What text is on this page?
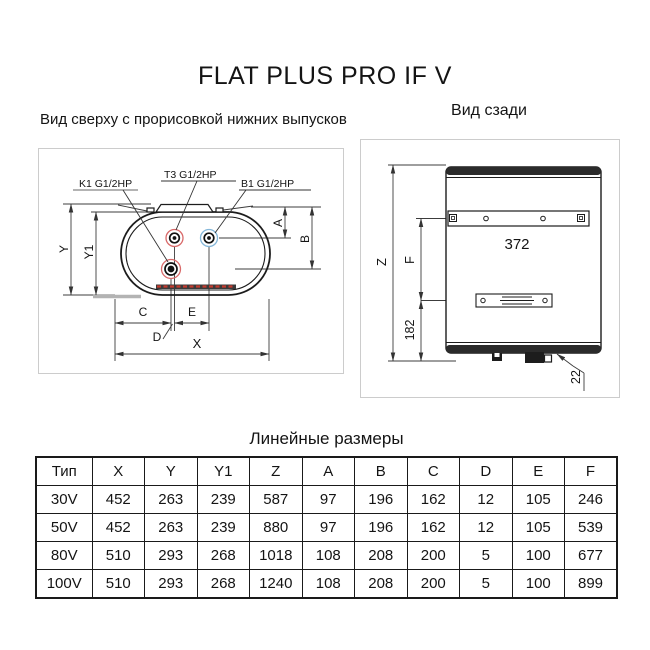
FLAT PLUS PRO IF V
Вид сверху с прорисовкой нижних выпусков
Вид сзади
K1 G1/2HP
T3 G1/2HP
B1 G1/2HP
Y Y1
A
B
C	E
D X
Z F
182
372
22
Линейные размеры
Тип	X	Y	Y1	Z	A	B	C	D	E	F
30V	452	263	239	587	97	196	162	12	105	246
50V	452	263	239	880	97	196	162	12	105	539
80V	510	293	268	1018	108	208	200	5	100	677
100V	510	293	268	1240	108	208	200	5	100	899
